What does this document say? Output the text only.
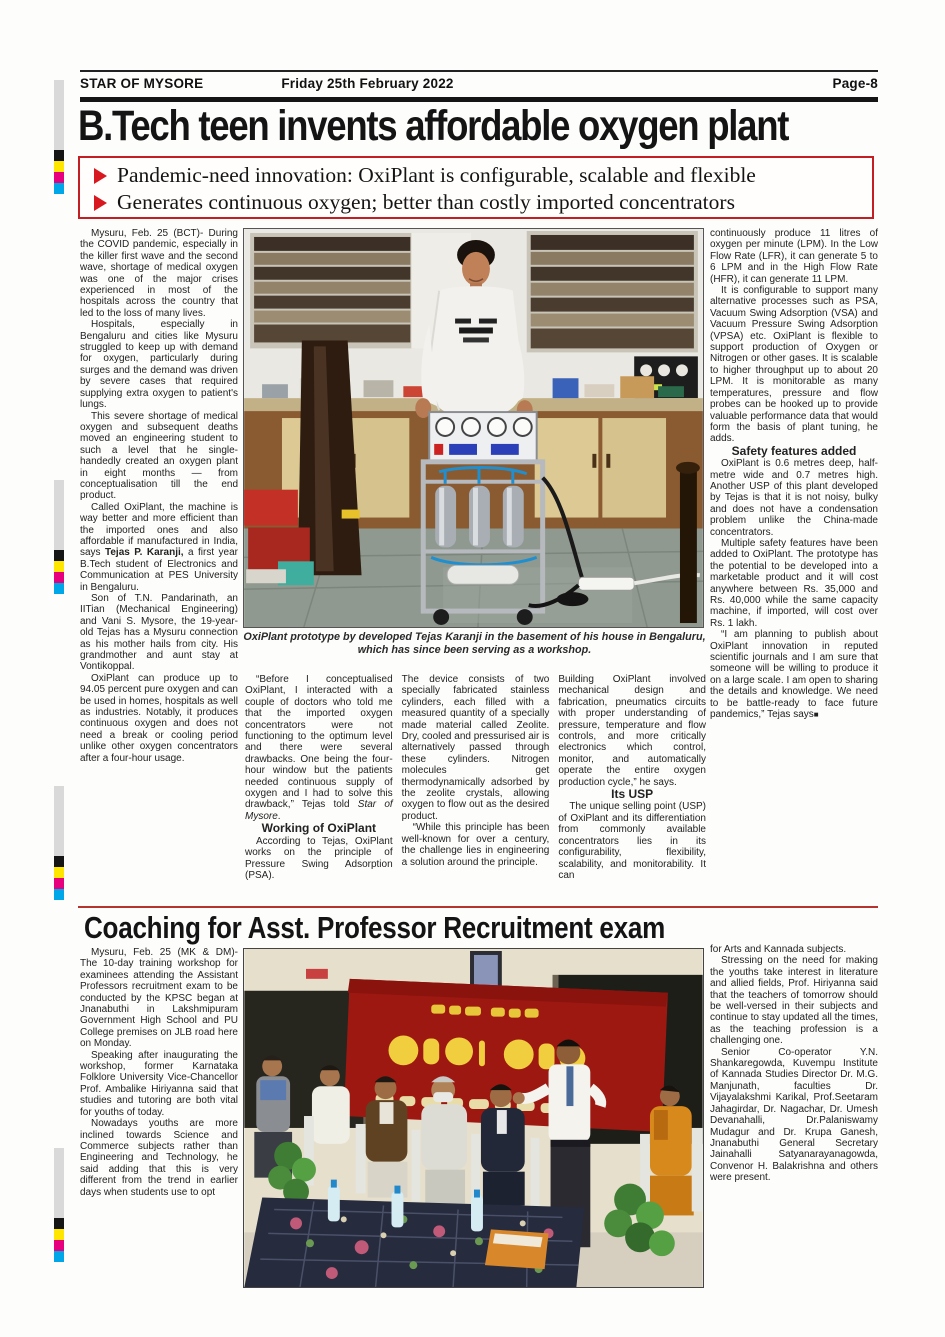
STAR OF MYSORE	Friday 25th February 2022	Page-8
B.Tech teen invents affordable oxygen plant
Pandemic-need innovation: OxiPlant is configurable, scalable and flexible
Generates continuous oxygen; better than costly imported concentrators

Mysuru, Feb. 25 (BCT)- During the COVID pandemic, especially in the killer first wave and the second wave, shortage of medical oxygen was one of the major crises experienced in most of the hospitals across the country that led to the loss of many lives.

Hospitals, especially in Bengaluru and cities like Mysuru struggled to keep up with demand for oxygen, particularly during surges and the demand was driven by severe cases that required supplying extra oxygen to patient's lungs.

This severe shortage of medical oxygen and subsequent deaths moved an engineering student to such a level that he single-handedly created an oxygen plant in eight months — from conceptualisation till the end product.

Called OxiPlant, the machine is way better and more efficient than the imported ones and also affordable if manufactured in India, says Tejas P. Karanji, a first year B.Tech student of Electronics and Communication at PES University in Bengaluru.

Son of T.N. Pandarinath, an IITian (Mechanical Engineering) and Vani S. Mysore, the 19-year-old Tejas has a Mysuru connection as his mother hails from city. His grandmother and aunt stay at Vontikoppal.

OxiPlant can produce up to 94.05 percent pure oxygen and can be used in homes, hospitals as well as industries. Notably, it produces continuous oxygen and does not need a break or cooling period unlike other oxygen concentrators after a four-hour usage.

OxiPlant prototype by developed Tejas Karanji in the basement of his house in Bengaluru, which has since been serving as a workshop.

“Before I conceptualised OxiPlant, I interacted with a couple of doctors who told me that the imported oxygen concentrators were not functioning to the optimum level and there were several drawbacks. One being the four-hour window but the patients needed continuous supply of oxygen and I had to solve this drawback,” Tejas told Star of Mysore.

Working of OxiPlant

According to Tejas, OxiPlant works on the principle of Pressure Swing Adsorption (PSA).

The device consists of two specially fabricated stainless cylinders, each filled with a measured quantity of a specially made material called Zeolite. Dry, cooled and pressurised air is alternatively passed through these cylinders. Nitrogen molecules get thermodynamically adsorbed by the zeolite crystals, allowing oxygen to flow out as the desired product.

“While this principle has been well-known for over a century, the challenge lies in engineering a solution around the principle.

Building OxiPlant involved mechanical design and fabrication, pneumatics circuits with proper understanding of pressure, temperature and flow controls, and more critically electronics which control, monitor, and automatically operate the entire oxygen production cycle,” he says.

Its USP

The unique selling point (USP) of OxiPlant and its differentiation from commonly available concentrators lies in its configurability, flexibility, scalability, and monitorability. It can

continuously produce 11 litres of oxygen per minute (LPM). In the Low Flow Rate (LFR), it can generate 5 to 6 LPM and in the High Flow Rate (HFR), it can generate 11 LPM.

It is configurable to support many alternative processes such as PSA, Vacuum Swing Adsorption (VSA) and Vacuum Pressure Swing Adsorption (VPSA) etc. OxiPlant is flexible to support production of Oxygen or Nitrogen or other gases. It is scalable to higher throughput up to about 20 LPM. It is monitorable as many temperatures, pressure and flow probes can be hooked up to provide valuable performance data that would form the basis of plant tuning, he adds.

Safety features added

OxiPlant is 0.6 metres deep, half-metre wide and 0.7 metres high. Another USP of this plant developed by Tejas is that it is not noisy, bulky and does not have a condensation problem unlike the China-made concentrators.

Multiple safety features have been added to OxiPlant. The prototype has the potential to be developed into a marketable product and it will cost anywhere between Rs. 35,000 and Rs. 40,000 while the same capacity machine, if imported, will cost over Rs. 1 lakh.

“I am planning to publish about OxiPlant innovation in reputed scientific journals and I am sure that someone will be willing to produce it on a large scale. I am open to sharing the details and knowledge. We need to be battle-ready to face future pandemics,” Tejas says■

Coaching for Asst. Professor Recruitment exam

Mysuru, Feb. 25 (MK & DM)- The 10-day training workshop for examinees attending the Assistant Professors recruitment exam to be conducted by the KPSC began at Jnanabuthi in Lakshmipuram Government High School and PU College premises on JLB road here on Monday.

Speaking after inaugurating the workshop, former Karnataka Folklore University Vice-Chancellor Prof. Ambalike Hiriyanna said that studies and tutoring are both vital for youths of today.

Nowadays youths are more inclined towards Science and Commerce subjects rather than Engineering and Technology, he said adding that this is very different from the trend in earlier days when students use to opt

for Arts and Kannada subjects.

Stressing on the need for making the youths take interest in literature and allied fields, Prof. Hiriyanna said that the teachers of tomorrow should be well-versed in their subjects and continue to stay updated all the times, as the teaching profession is a challenging one.

Senior Co-operator Y.N. Shankaregowda, Kuvempu Institute of Kannada Studies Director Dr. M.G. Manjunath, faculties Dr. Vijayalakshmi Karikal, Prof.Seetaram Jahagirdar, Dr. Nagachar, Dr. Umesh Devanahalli, Dr.Palaniswamy Mudagur and Dr. Krupa Ganesh, Jnanabuthi General Secretary Jainahalli Satyanarayanagowda, Convenor H. Balakrishna and others were present.
